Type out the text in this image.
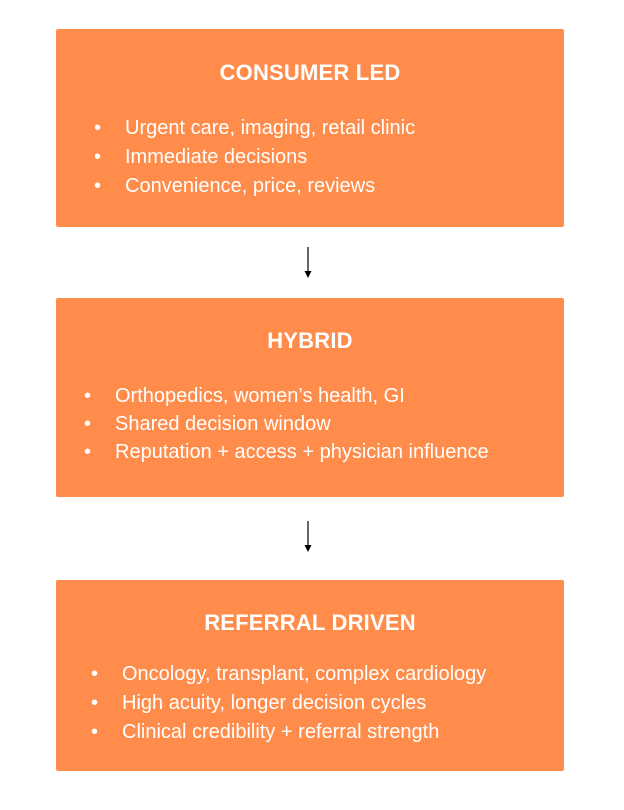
CONSUMER LED
• Urgent care, imaging, retail clinic
• Immediate decisions
• Convenience, price, reviews
HYBRID
• Orthopedics, women’s health, GI
• Shared decision window
• Reputation + access + physician influence
REFERRAL DRIVEN
• Oncology, transplant, complex cardiology
• High acuity, longer decision cycles
• Clinical credibility + referral strength
